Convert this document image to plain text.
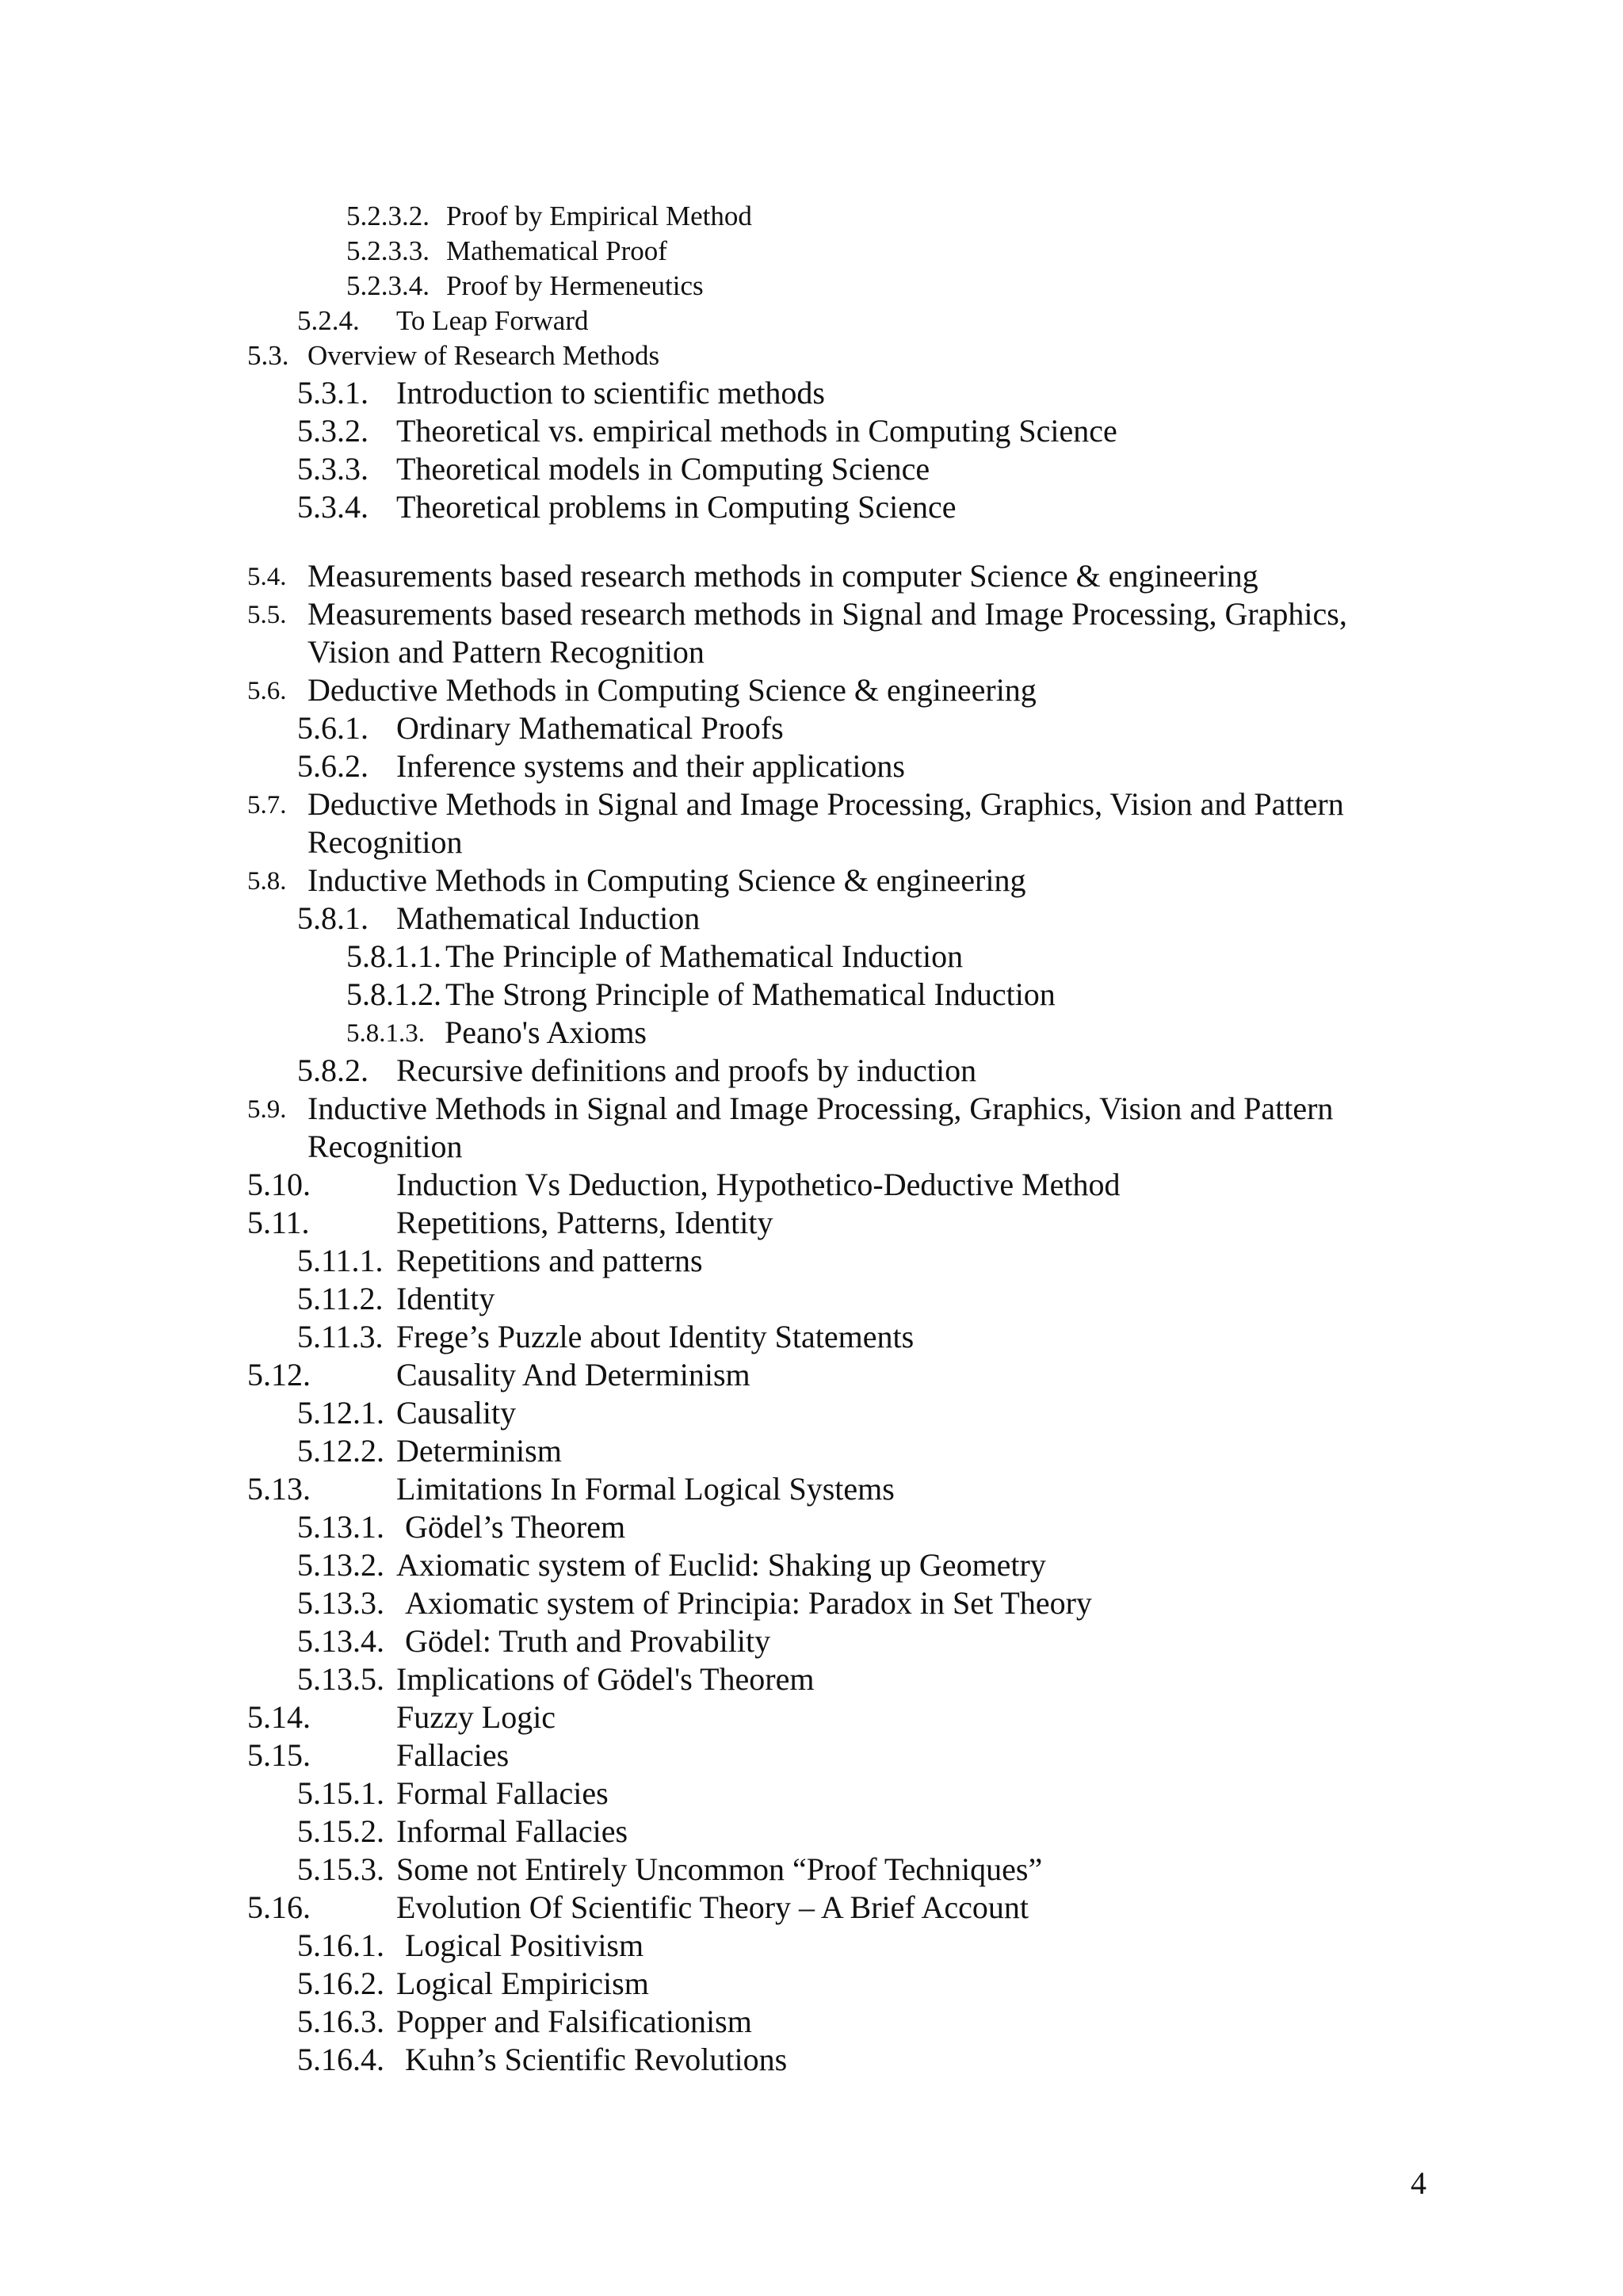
5.2.3.2. Proof by Empirical Method
5.2.3.3. Mathematical Proof
5.2.3.4. Proof by Hermeneutics
5.2.4. To Leap Forward
5.3. Overview of Research Methods
5.3.1. Introduction to scientific methods
5.3.2. Theoretical vs. empirical methods in Computing Science
5.3.3. Theoretical models in Computing Science
5.3.4. Theoretical problems in Computing Science
5.4. Measurements based research methods in computer Science & engineering
5.5. Measurements based research methods in Signal and Image Processing, Graphics,
Vision and Pattern Recognition
5.6. Deductive Methods in Computing Science & engineering
5.6.1. Ordinary Mathematical Proofs
5.6.2. Inference systems and their applications
5.7. Deductive Methods in Signal and Image Processing, Graphics, Vision and Pattern
Recognition
5.8. Inductive Methods in Computing Science & engineering
5.8.1. Mathematical Induction
5.8.1.1. The Principle of Mathematical Induction
5.8.1.2. The Strong Principle of Mathematical Induction
5.8.1.3. Peano's Axioms
5.8.2. Recursive definitions and proofs by induction
5.9. Inductive Methods in Signal and Image Processing, Graphics, Vision and Pattern
Recognition
5.10.	Induction Vs Deduction, Hypothetico-Deductive Method
5.11.	Repetitions, Patterns, Identity
5.11.1. Repetitions and patterns
5.11.2. Identity
5.11.3. Frege’s Puzzle about Identity Statements
5.12.	Causality And Determinism
5.12.1. Causality
5.12.2. Determinism
5.13.	Limitations In Formal Logical Systems
5.13.1. Gödel’s Theorem
5.13.2. Axiomatic system of Euclid: Shaking up Geometry
5.13.3. Axiomatic system of Principia: Paradox in Set Theory
5.13.4. Gödel: Truth and Provability
5.13.5. Implications of Gödel's Theorem
5.14.	Fuzzy Logic
5.15.	Fallacies
5.15.1. Formal Fallacies
5.15.2. Informal Fallacies
5.15.3. Some not Entirely Uncommon “Proof Techniques”
5.16.	Evolution Of Scientific Theory – A Brief Account
5.16.1. Logical Positivism
5.16.2. Logical Empiricism
5.16.3. Popper and Falsificationism
5.16.4. Kuhn’s Scientific Revolutions
4
